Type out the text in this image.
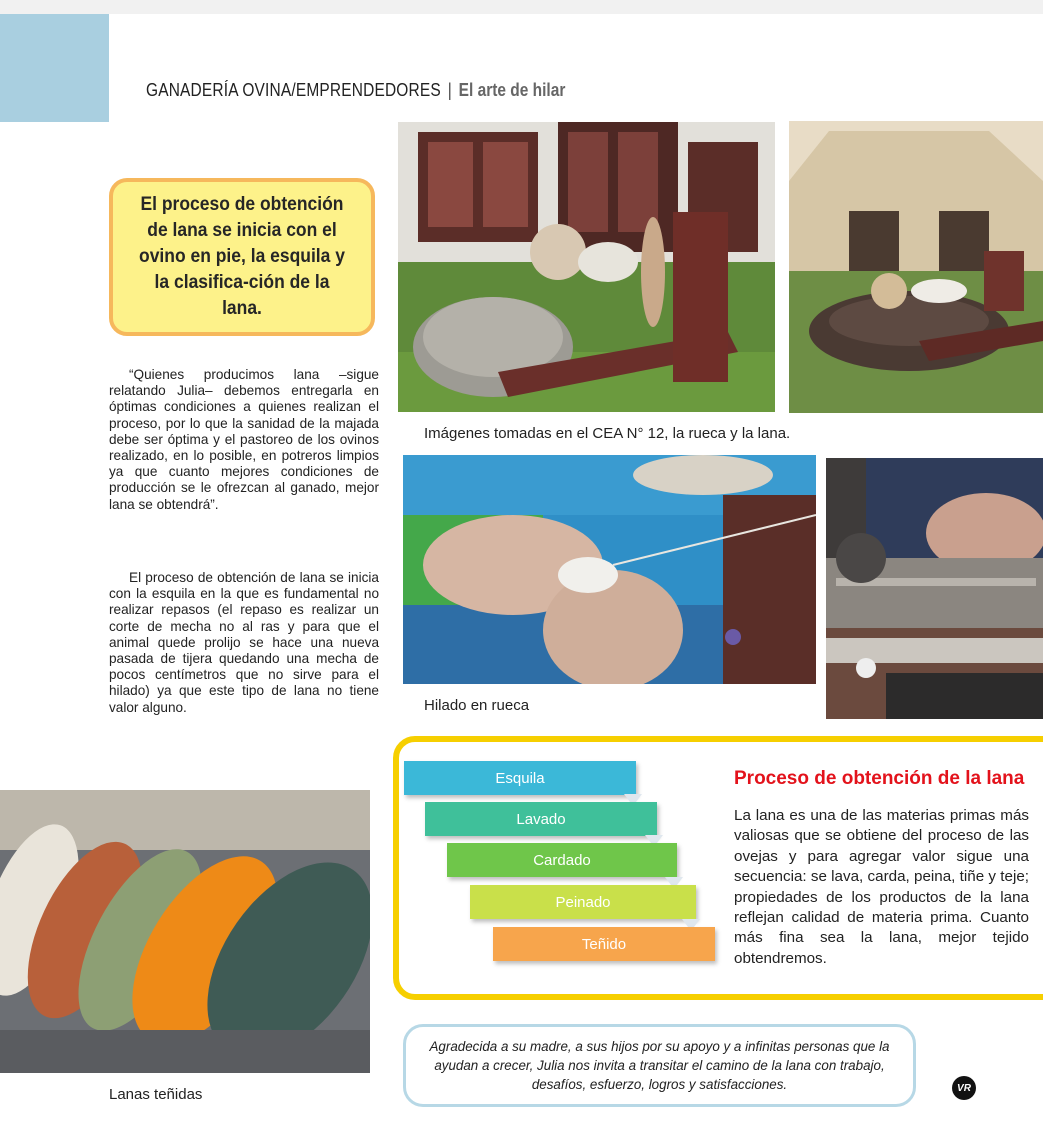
GANADERÍA OVINA/EMPRENDEDORES | El arte de hilar
El proceso de obtención de lana se inicia con el ovino en pie, la esquila y la clasifica-ción de la lana.

“Quienes producimos lana –sigue relatando Julia– debemos entregarla en óptimas condiciones a quienes realizan el proceso, por lo que la sanidad de la majada debe ser óptima y el pastoreo de los ovinos realizado, en lo posible, en potreros limpios ya que cuanto mejores condiciones de producción se le ofrezcan al ganado, mejor lana se obtendrá”.

El proceso de obtención de lana se inicia con la esquila en la que es fundamental no realizar repasos (el repaso es realizar un corte de mecha no al ras y para que el animal quede prolijo se hace una nueva pasada de tijera quedando una mecha de pocos centímetros que no sirve para el hilado) ya que este tipo de lana no tiene valor alguno.

Imágenes tomadas en el CEA N° 12, la rueca y la lana.
Hilado en rueca
Lanas teñidas
Esquila
Lavado
Cardado
Peinado
Teñido
Proceso de obtención de la lana
La lana es una de las materias primas más valiosas que se obtiene del proceso de las ovejas y para agregar valor sigue una secuencia: se lava, carda, peina, tiñe y teje; propiedades de los productos de la lana reflejan calidad de materia prima. Cuanto más fina sea la lana, mejor tejido obtendremos.
Agradecida a su madre, a sus hijos por su apoyo y a infinitas personas que la ayudan a crecer, Julia nos invita a transitar el camino de la lana con trabajo, desafíos, esfuerzo, logros y satisfacciones.	VR
